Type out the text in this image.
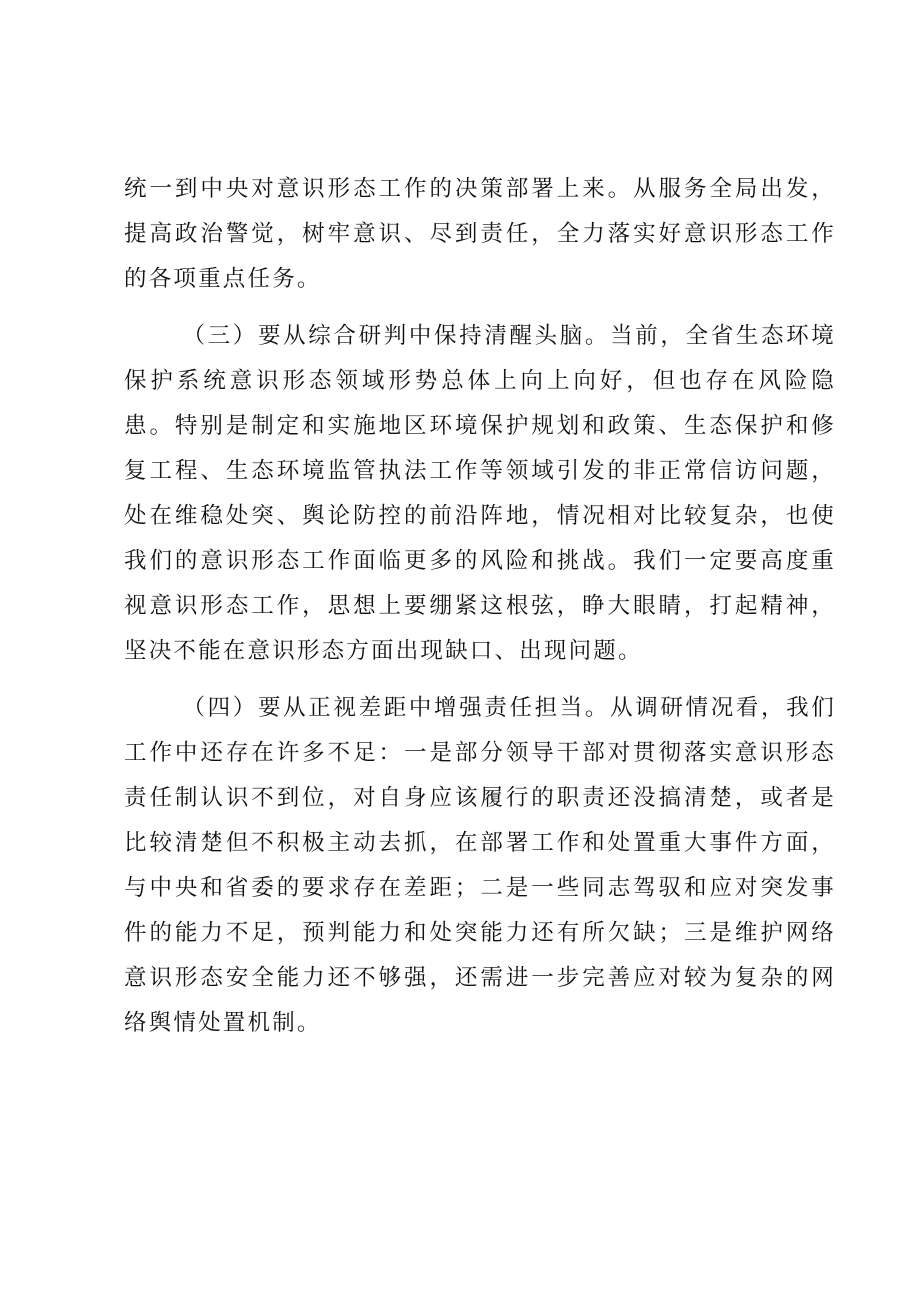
统一到中央对意识形态工作的决策部署上来。从服务全局出发，提高政治警觉，树牢意识、尽到责任，全力落实好意识形态工作的各项重点任务。

（三）要从综合研判中保持清醒头脑。当前，全省生态环境保护系统意识形态领域形势总体上向上向好，但也存在风险隐患。特别是制定和实施地区环境保护规划和政策、生态保护和修复工程、生态环境监管执法工作等领域引发的非正常信访问题，处在维稳处突、舆论防控的前沿阵地，情况相对比较复杂，也使我们的意识形态工作面临更多的风险和挑战。我们一定要高度重视意识形态工作，思想上要绷紧这根弦，睁大眼睛，打起精神，坚决不能在意识形态方面出现缺口、出现问题。

（四）要从正视差距中增强责任担当。从调研情况看，我们工作中还存在许多不足：一是部分领导干部对贯彻落实意识形态责任制认识不到位，对自身应该履行的职责还没搞清楚，或者是比较清楚但不积极主动去抓，在部署工作和处置重大事件方面，与中央和省委的要求存在差距；二是一些同志驾驭和应对突发事件的能力不足，预判能力和处突能力还有所欠缺；三是维护网络意识形态安全能力还不够强，还需进一步完善应对较为复杂的网络舆情处置机制。
